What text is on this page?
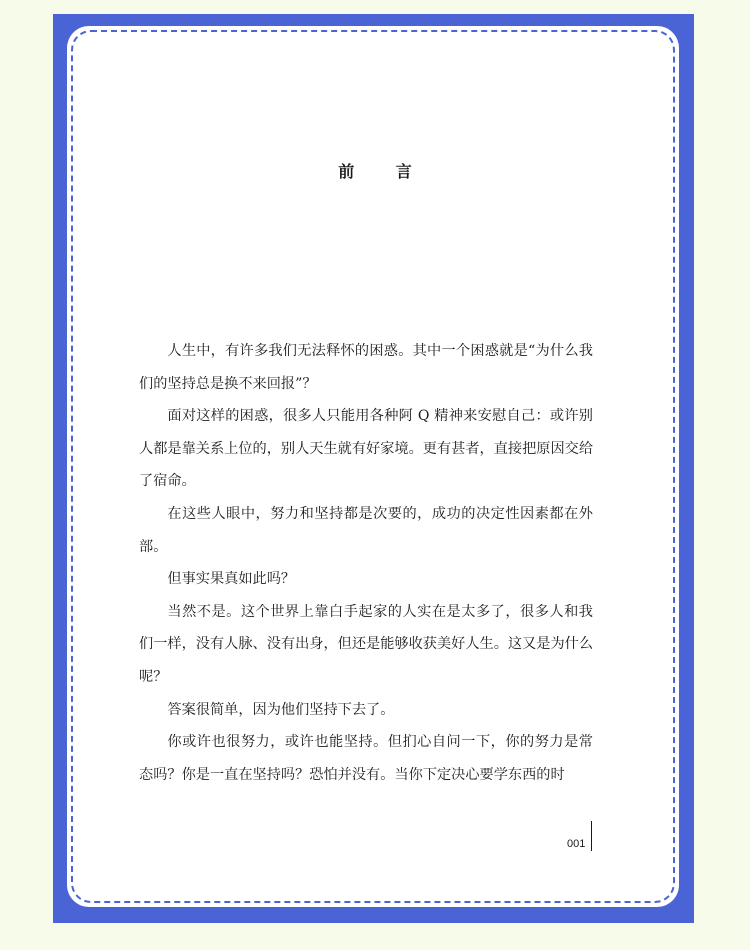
前 言

人生中，有许多我们无法释怀的困惑。其中一个困惑就是“为什么我们的坚持总是换不来回报”？

面对这样的困惑，很多人只能用各种阿 Q 精神来安慰自己：或许别人都是靠关系上位的，别人天生就有好家境。更有甚者，直接把原因交给了宿命。

在这些人眼中，努力和坚持都是次要的，成功的决定性因素都在外部。

但事实果真如此吗？

当然不是。这个世界上靠白手起家的人实在是太多了，很多人和我们一样，没有人脉、没有出身，但还是能够收获美好人生。这又是为什么呢？

答案很简单，因为他们坚持下去了。

你或许也很努力，或许也能坚持。但扪心自问一下，你的努力是常态吗？你是一直在坚持吗？恐怕并没有。当你下定决心要学东西的时

001
